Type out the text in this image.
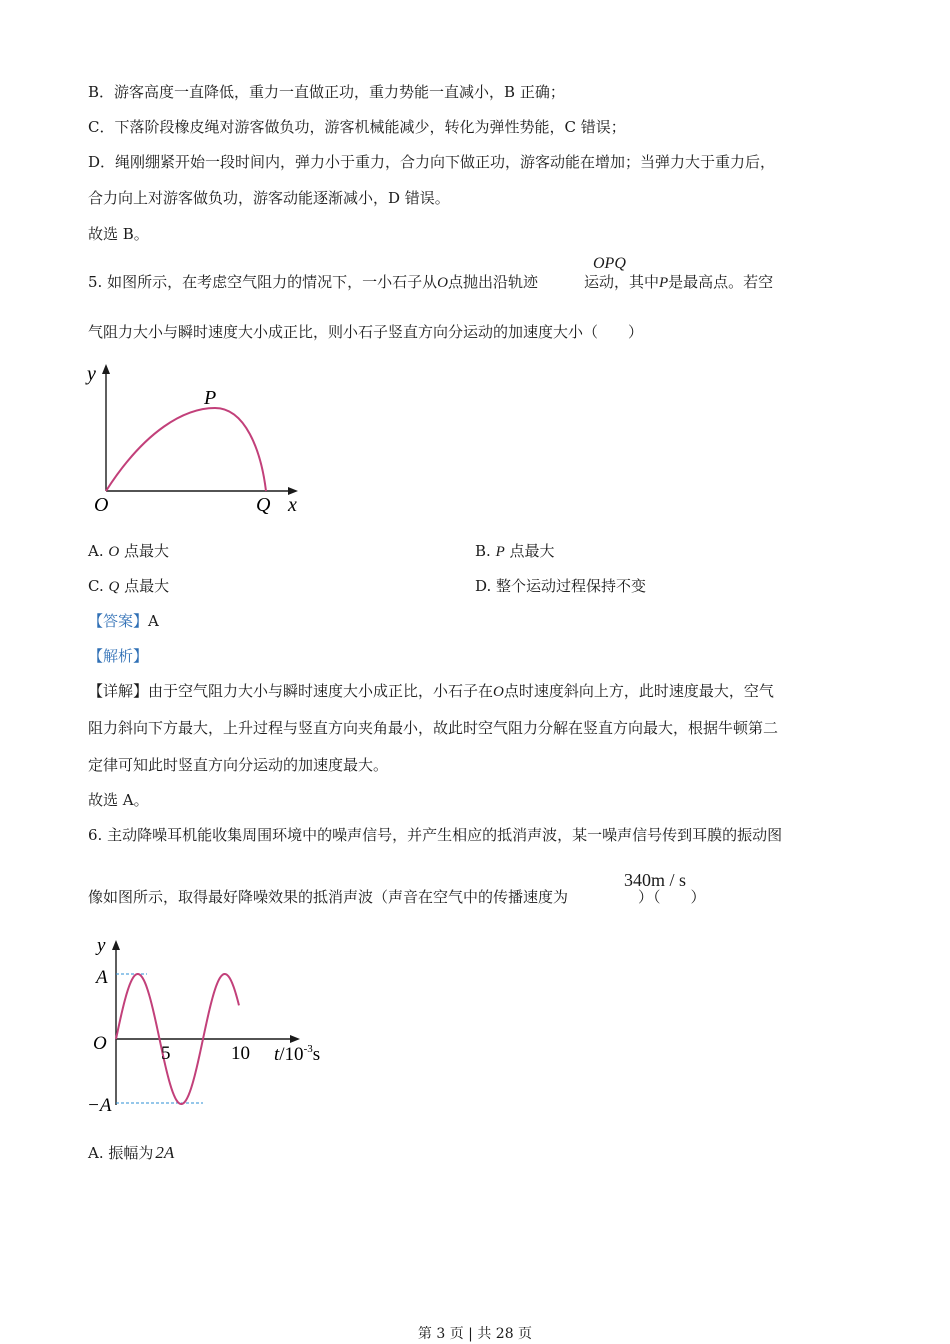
B．游客高度一直降低，重力一直做正功，重力势能一直减小，B 正确；
C．下落阶段橡皮绳对游客做负功，游客机械能减少，转化为弹性势能，C 错误；
D．绳刚绷紧开始一段时间内，弹力小于重力，合力向下做正功，游客动能在增加；当弹力大于重力后，
合力向上对游客做负功，游客动能逐渐减小，D 错误。
故选 B。
OPQ
5. 如图所示，在考虑空气阻力的情况下，一小石子从O点抛出沿轨迹	运动，其中P是最高点。若空
气阻力大小与瞬时速度大小成正比，则小石子竖直方向分运动的加速度大小（　　）
y
P
O	Q x
A. O 点最大	B. P 点最大
C. Q 点最大	D. 整个运动过程保持不变
【答案】A
【解析】
【详解】由于空气阻力大小与瞬时速度大小成正比，小石子在O点时速度斜向上方，此时速度最大，空气
阻力斜向下方最大，上升过程与竖直方向夹角最小，故此时空气阻力分解在竖直方向最大，根据牛顿第二
定律可知此时竖直方向分运动的加速度最大。
故选 A。
6. 主动降噪耳机能收集周围环境中的噪声信号，并产生相应的抵消声波，某一噪声信号传到耳膜的振动图
340m / s
像如图所示，取得最好降噪效果的抵消声波（声音在空气中的传播速度为	）（　　）
y
A
O
−A
5	10 $t/10^{-3}s$
A. 振幅为 2A
第 3 页 | 共 28 页
